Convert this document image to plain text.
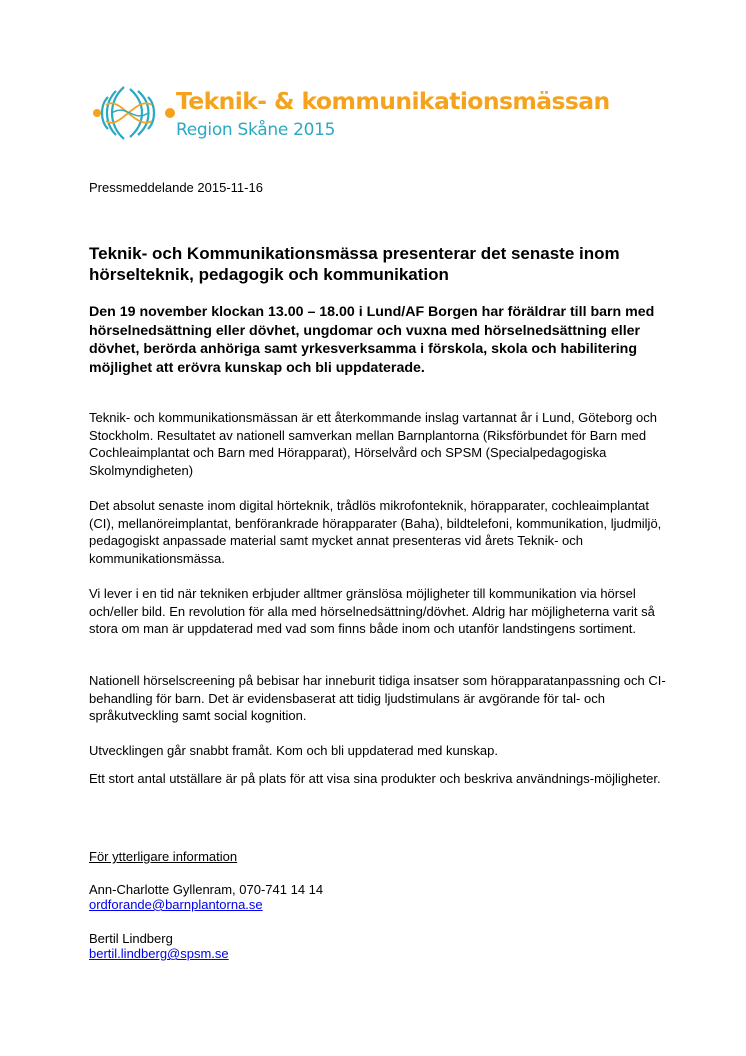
Teknik- & kommunikationsmässan
Region Skåne 2015
Pressmeddelande 2015-11-16
Teknik- och Kommunikationsmässa presenterar det senaste inom hörselteknik, pedagogik och kommunikation
Den 19 november klockan 13.00 – 18.00 i Lund/AF Borgen har föräldrar till barn med hörselnedsättning eller dövhet, ungdomar och vuxna med hörselnedsättning eller dövhet, berörda anhöriga samt yrkesverksamma i förskola, skola och habilitering möjlighet att erövra kunskap och bli uppdaterade.
Teknik- och kommunikationsmässan är ett återkommande inslag vartannat år i Lund, Göteborg och Stockholm. Resultatet av nationell samverkan mellan Barnplantorna (Riksförbundet för Barn med Cochleaimplantat och Barn med Hörapparat), Hörselvård och SPSM (Specialpedagogiska Skolmyndigheten)
Det absolut senaste inom digital hörteknik, trådlös mikrofonteknik, hörapparater, cochleaimplantat (CI), mellanöreimplantat, benförankrade hörapparater (Baha), bildtelefoni, kommunikation, ljudmiljö, pedagogiskt anpassade material samt mycket annat presenteras vid årets Teknik- och kommunikationsmässa.
Vi lever i en tid när tekniken erbjuder alltmer gränslösa möjligheter till kommunikation via hörsel och/eller bild. En revolution för alla med hörselnedsättning/dövhet. Aldrig har möjligheterna varit så stora om man är uppdaterad med vad som finns både inom och utanför landstingens sortiment.
Nationell hörselscreening på bebisar har inneburit tidiga insatser som hörapparatanpassning och CI-behandling för barn. Det är evidensbaserat att tidig ljudstimulans är avgörande för tal- och språkutveckling samt social kognition.
Utvecklingen går snabbt framåt. Kom och bli uppdaterad med kunskap.
Ett stort antal utställare är på plats för att visa sina produkter och beskriva användnings-möjligheter.
För ytterligare information
Ann-Charlotte Gyllenram, 070-741 14 14
ordforande@barnplantorna.se
Bertil Lindberg
bertil.lindberg@spsm.se
